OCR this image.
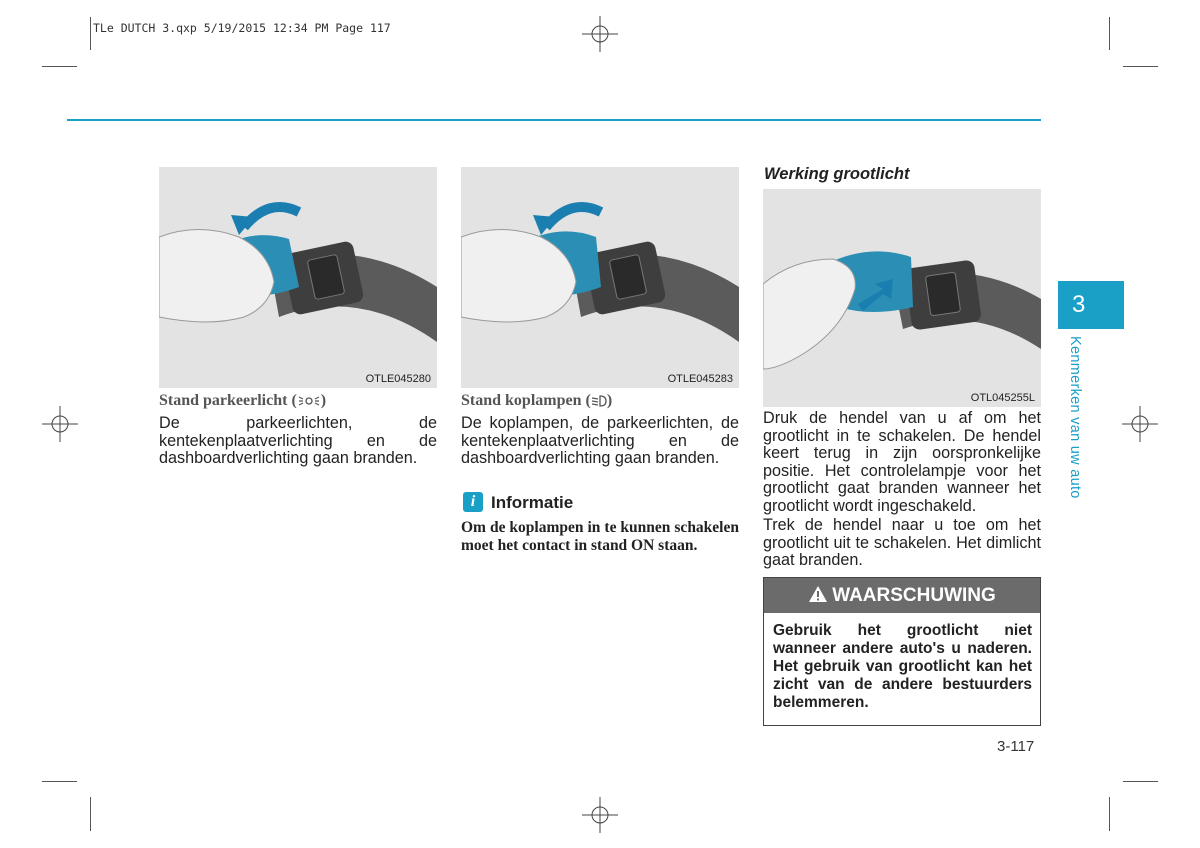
TLe DUTCH 3.qxp 5/19/2015 12:34 PM Page 117
OTLE045280
Stand parkeerlicht ( )
De parkeerlichten, de kentekenplaatverlichting en de dashboardverlichting gaan branden.
OTLE045283
Stand koplampen ( )
De koplampen, de parkeerlichten, de kentekenplaatverlichting en de dashboardverlichting gaan branden.
i Informatie
Om de koplampen in te kunnen schakelen moet het contact in stand ON staan.
Werking grootlicht
OTL045255L
Druk de hendel van u af om het grootlicht in te schakelen. De hendel keert terug in zijn oorspronkelijke positie. Het controlelampje voor het grootlicht gaat branden wanneer het grootlicht wordt ingeschakeld.
Trek de hendel naar u toe om het grootlicht uit te schakelen. Het dimlicht gaat branden.
WAARSCHUWING
Gebruik het grootlicht niet wanneer andere auto's u naderen. Het gebruik van grootlicht kan het zicht van de andere bestuurders belemmeren.
3
Kenmerken van uw auto
3-117
